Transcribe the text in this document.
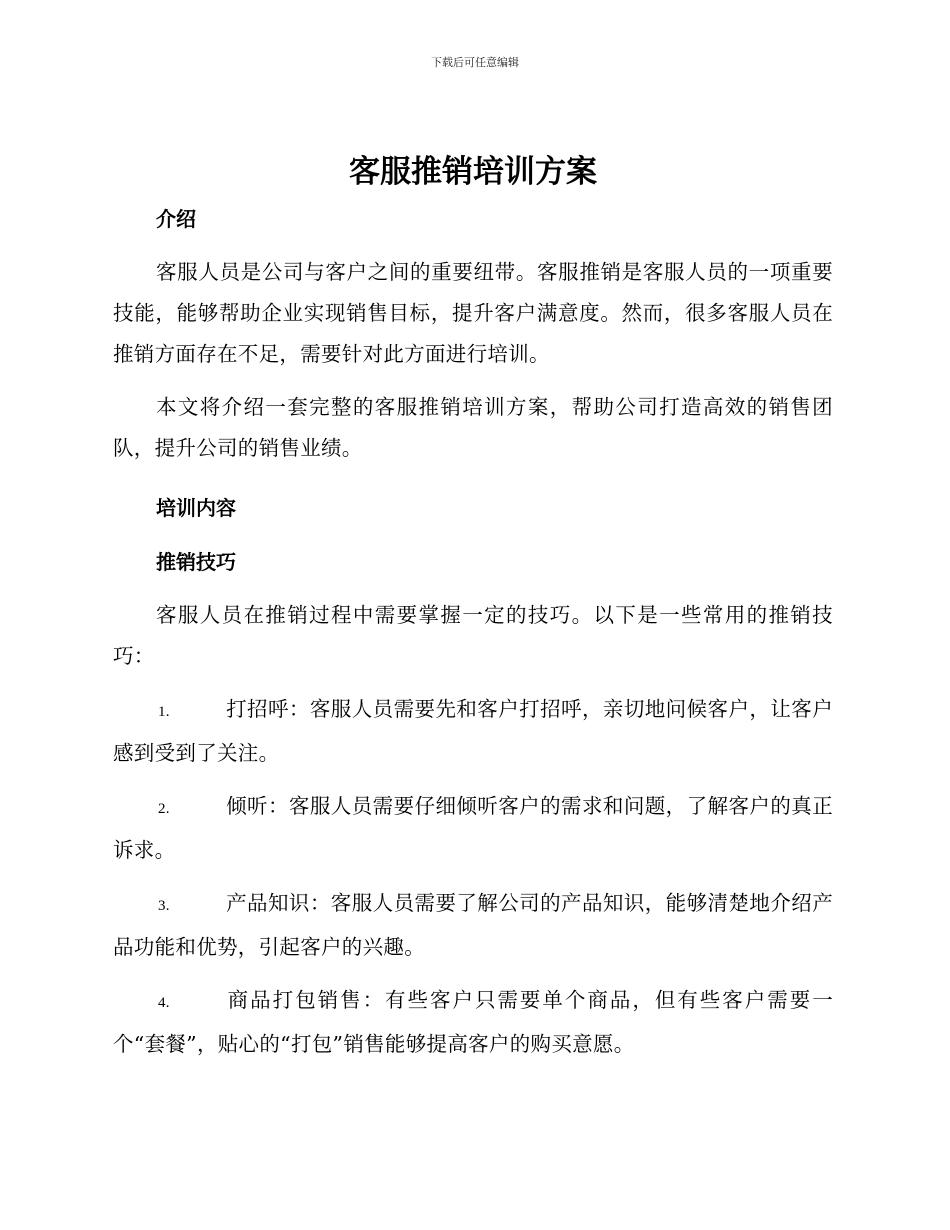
下载后可任意编辑
客服推销培训方案
介绍

客服人员是公司与客户之间的重要纽带。客服推销是客服人员的一项重要技能，能够帮助企业实现销售目标，提升客户满意度。然而，很多客服人员在推销方面存在不足，需要针对此方面进行培训。

本文将介绍一套完整的客服推销培训方案，帮助公司打造高效的销售团队，提升公司的销售业绩。

培训内容
推销技巧

客服人员在推销过程中需要掌握一定的技巧。以下是一些常用的推销技巧：

1.	打招呼：客服人员需要先和客户打招呼，亲切地问候客户，让客户感到受到了关注。

2.	倾听：客服人员需要仔细倾听客户的需求和问题，了解客户的真正诉求。

3.	产品知识：客服人员需要了解公司的产品知识，能够清楚地介绍产品功能和优势，引起客户的兴趣。

4.	商品打包销售：有些客户只需要单个商品，但有些客户需要一个“套餐”，贴心的“打包”销售能够提高客户的购买意愿。
